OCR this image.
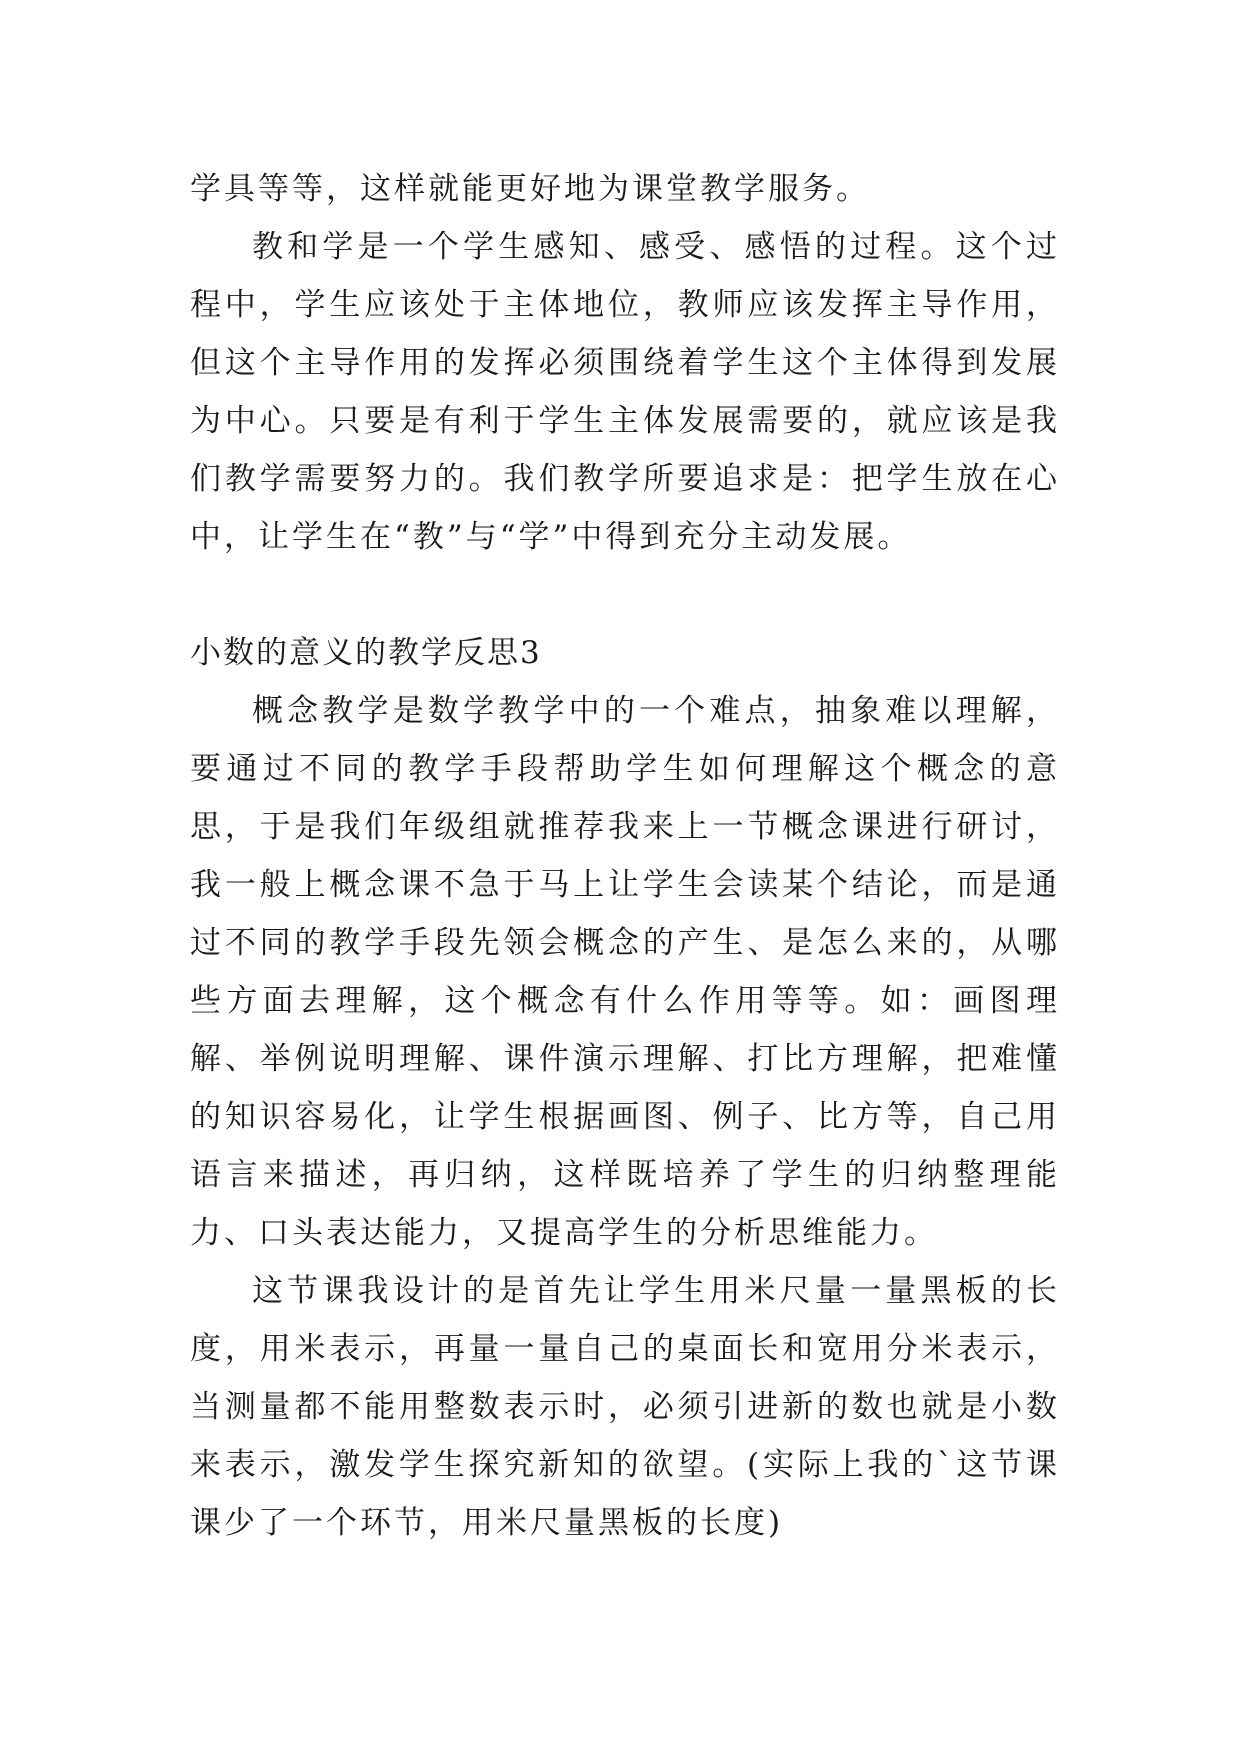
学具等等，这样就能更好地为课堂教学服务。

教和学是一个学生感知、感受、感悟的过程。这个过程中，学生应该处于主体地位，教师应该发挥主导作用，但这个主导作用的发挥必须围绕着学生这个主体得到发展为中心。只要是有利于学生主体发展需要的，就应该是我们教学需要努力的。我们教学所要追求是：把学生放在心中，让学生在“教”与“学”中得到充分主动发展。

小数的意义的教学反思3

概念教学是数学教学中的一个难点，抽象难以理解，要通过不同的教学手段帮助学生如何理解这个概念的意思，于是我们年级组就推荐我来上一节概念课进行研讨，我一般上概念课不急于马上让学生会读某个结论，而是通过不同的教学手段先领会概念的产生、是怎么来的，从哪些方面去理解，这个概念有什么作用等等。如：画图理解、举例说明理解、课件演示理解、打比方理解，把难懂的知识容易化，让学生根据画图、例子、比方等，自己用语言来描述，再归纳，这样既培养了学生的归纳整理能力、口头表达能力，又提高学生的分析思维能力。

这节课我设计的是首先让学生用米尺量一量黑板的长度，用米表示，再量一量自己的桌面长和宽用分米表示，当测量都不能用整数表示时，必须引进新的数也就是小数来表示，激发学生探究新知的欲望。(实际上我的`这节课课少了一个环节，用米尺量黑板的长度)
